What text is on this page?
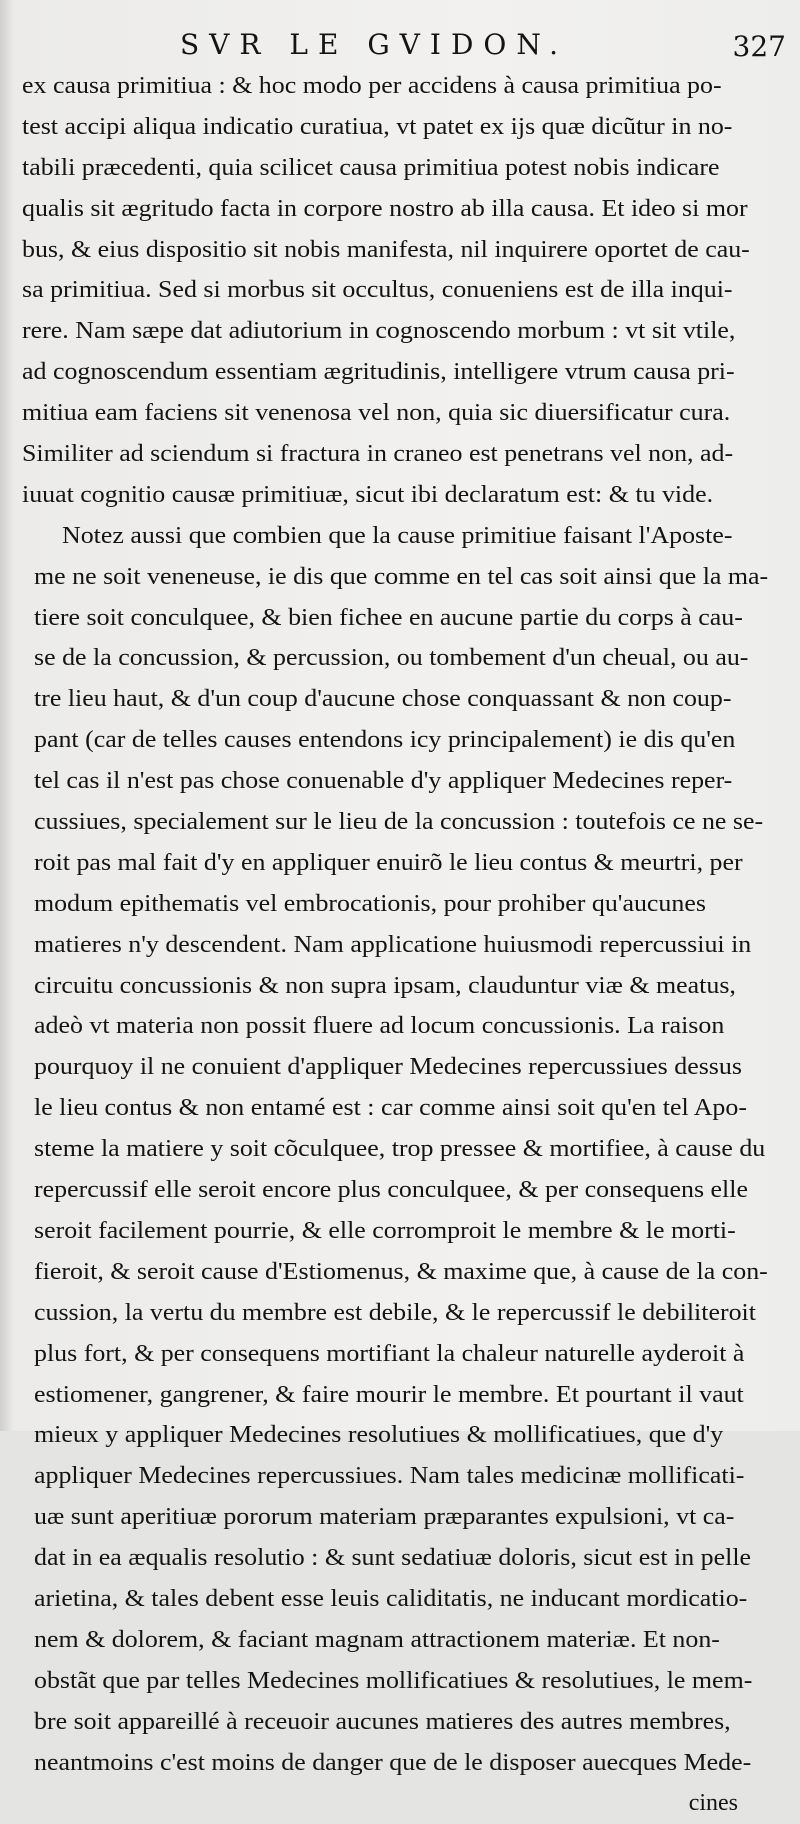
SVR LE GVIDON.	327
ex causa primitiua : & hoc modo per accidens à causa primitiua po-
test accipi aliqua indicatio curatiua, vt patet ex ijs quæ dicũtur in no-
tabili præcedenti, quia scilicet causa primitiua potest nobis indicare
qualis sit ægritudo facta in corpore nostro ab illa causa. Et ideo si mor
bus, & eius dispositio sit nobis manifesta, nil inquirere oportet de cau-
sa primitiua. Sed si morbus sit occultus, conueniens est de illa inqui-
rere. Nam sæpe dat adiutorium in cognoscendo morbum : vt sit vtile,
ad cognoscendum essentiam ægritudinis, intelligere vtrum causa pri-
mitiua eam faciens sit venenosa vel non, quia sic diuersificatur cura.
Similiter ad sciendum si fractura in craneo est penetrans vel non, ad-
iuuat cognitio causæ primitiuæ, sicut ibi declaratum est: & tu vide.
Notez aussi que combien que la cause primitiue faisant l'Aposte-
me ne soit veneneuse, ie dis que comme en tel cas soit ainsi que la ma-
tiere soit conculquee, & bien fichee en aucune partie du corps à cau-
se de la concussion, & percussion, ou tombement d'un cheual, ou au-
tre lieu haut, & d'un coup d'aucune chose conquassant & non coup-
pant (car de telles causes entendons icy principalement) ie dis qu'en
tel cas il n'est pas chose conuenable d'y appliquer Medecines reper-
cussiues, specialement sur le lieu de la concussion : toutefois ce ne se-
roit pas mal fait d'y en appliquer enuirõ le lieu contus & meurtri, per
modum epithematis vel embrocationis, pour prohiber qu'aucunes
matieres n'y descendent. Nam applicatione huiusmodi repercussiui in
circuitu concussionis & non supra ipsam, clauduntur viæ & meatus,
adeò vt materia non possit fluere ad locum concussionis. La raison
pourquoy il ne conuient d'appliquer Medecines repercussiues dessus
le lieu contus & non entamé est : car comme ainsi soit qu'en tel Apo-
steme la matiere y soit cõculquee, trop pressee & mortifiee, à cause du
repercussif elle seroit encore plus conculquee, & per consequens elle
seroit facilement pourrie, & elle corromproit le membre & le morti-
fieroit, & seroit cause d'Estiomenus, & maxime que, à cause de la con-
cussion, la vertu du membre est debile, & le repercussif le debiliteroit
plus fort, & per consequens mortifiant la chaleur naturelle ayderoit à
estiomener, gangrener, & faire mourir le membre. Et pourtant il vaut
mieux y appliquer Medecines resolutiues & mollificatiues, que d'y
appliquer Medecines repercussiues. Nam tales medicinæ mollificati-
uæ sunt aperitiuæ pororum materiam præparantes expulsioni, vt ca-
dat in ea æqualis resolutio : & sunt sedatiuæ doloris, sicut est in pelle
arietina, & tales debent esse leuis caliditatis, ne inducant mordicatio-
nem & dolorem, & faciant magnam attractionem materiæ. Et non-
obstãt que par telles Medecines mollificatiues & resolutiues, le mem-
bre soit appareillé à receuoir aucunes matieres des autres membres,
neantmoins c'est moins de danger que de le disposer auecques Mede-
cines
